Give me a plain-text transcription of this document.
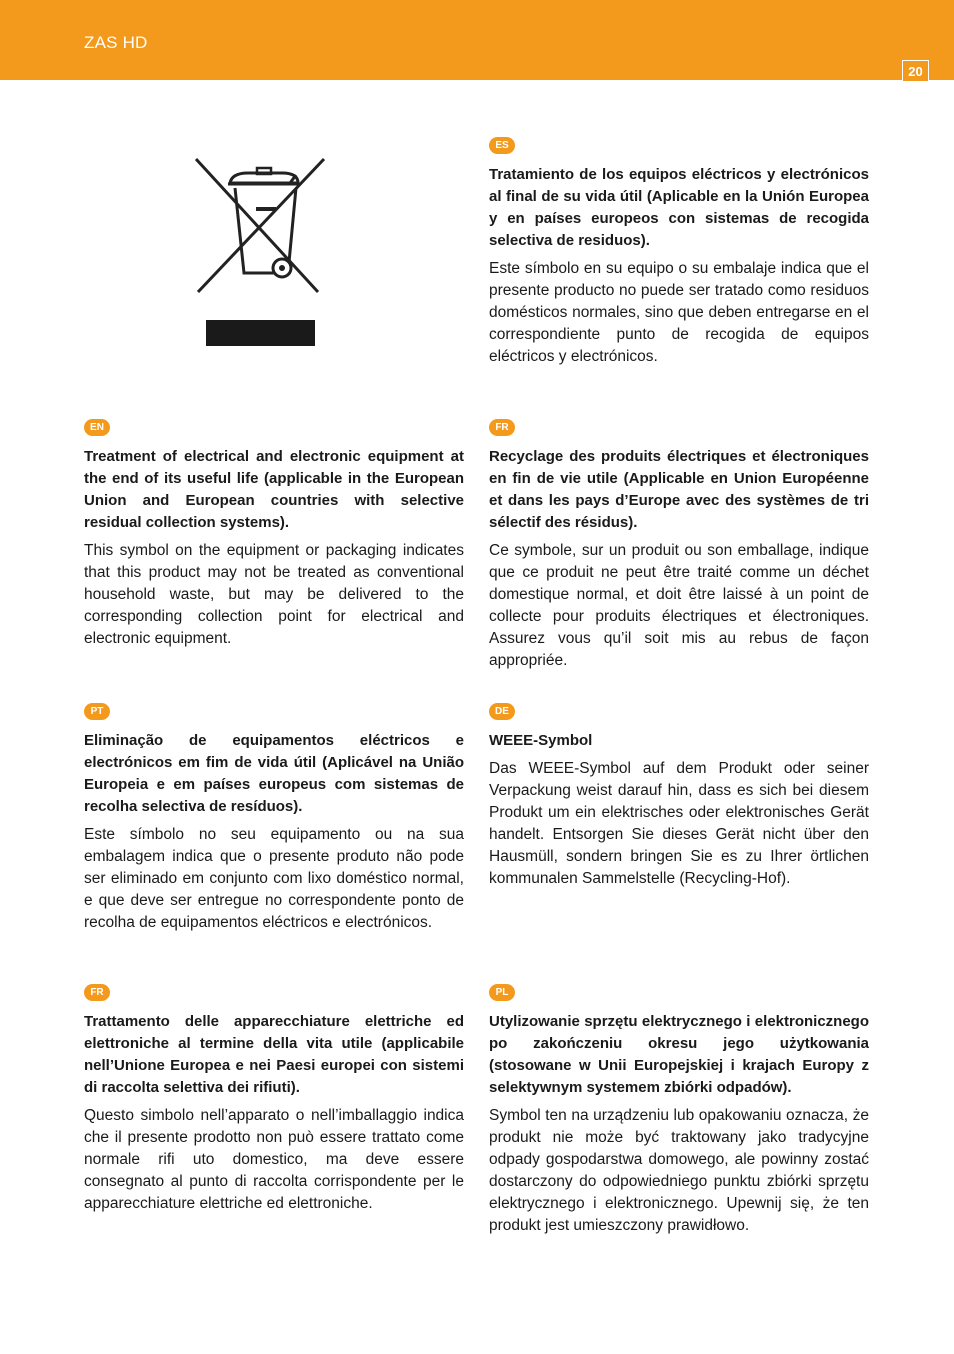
ZAS HD
20
ES

Tratamiento de los equipos eléctricos y electrónicos al final de su vida útil (Aplicable en la Unión Europea y en países europeos con sistemas de recogida selectiva de residuos).

Este símbolo en su equipo o su embalaje indica que el presente producto no puede ser tratado como residuos domésticos normales, sino que deben entregarse en el correspondiente punto de recogida de equipos eléctricos y electrónicos.

EN

Treatment of electrical and electronic equipment at the end of its useful life (applicable in the European Union and European countries with selective residual collection systems).

This symbol on the equipment or packaging indicates that this product may not be treated as conventional household waste, but may be delivered to the corresponding collection point for electrical and electronic equipment.

FR

Recyclage des produits électriques et électroniques en fin de vie utile (Applicable en Union Européenne et dans les pays d’Europe avec des systèmes de tri sélectif des résidus).

Ce symbole, sur un produit ou son emballage, indique que ce produit ne peut être traité comme un déchet domestique normal, et doit être laissé à un point de collecte pour produits électriques et électroniques. Assurez vous qu’il soit mis au rebus de façon appropriée.

PT

Eliminação de equipamentos eléctricos e electrónicos em fim de vida útil (Aplicável na União Europeia e em países europeus com sistemas de recolha selectiva de resíduos).

Este símbolo no seu equipamento ou na sua embalagem indica que o presente produto não pode ser eliminado em conjunto com lixo doméstico normal, e que deve ser entregue no correspondente ponto de recolha de equipamentos eléctricos e electrónicos.

DE

WEEE-Symbol

Das WEEE-Symbol auf dem Produkt oder seiner Verpackung weist darauf hin, dass es sich bei diesem Produkt um ein elektrisches oder elektronisches Gerät handelt. Entsorgen Sie dieses Gerät nicht über den Hausmüll, sondern bringen Sie es zu Ihrer örtlichen kommunalen Sammelstelle (Recycling-Hof).

FR

Trattamento delle apparecchiature elettriche ed elettroniche al termine della vita utile (applicabile nell’Unione Europea e nei Paesi europei con sistemi di raccolta selettiva dei rifiuti).

Questo simbolo nell’apparato o nell’imballaggio indica che il presente prodotto non può essere trattato come normale rifi uto domestico, ma deve essere consegnato al punto di raccolta corrispondente per le apparecchiature elettriche ed elettroniche.

PL

Utylizowanie sprzętu elektrycznego i elektronicznego po zakończeniu okresu jego użytkowania (stosowane w Unii Europejskiej i krajach Europy z selektywnym systemem zbiórki odpadów).

Symbol ten na urządzeniu lub opakowaniu oznacza, że produkt nie może być traktowany jako tradycyjne odpady gospodarstwa domowego, ale powinny zostać dostarczony do odpowiedniego punktu zbiórki sprzętu elektrycznego i elektronicznego. Upewnij się, że ten produkt jest umieszczony prawidłowo.
